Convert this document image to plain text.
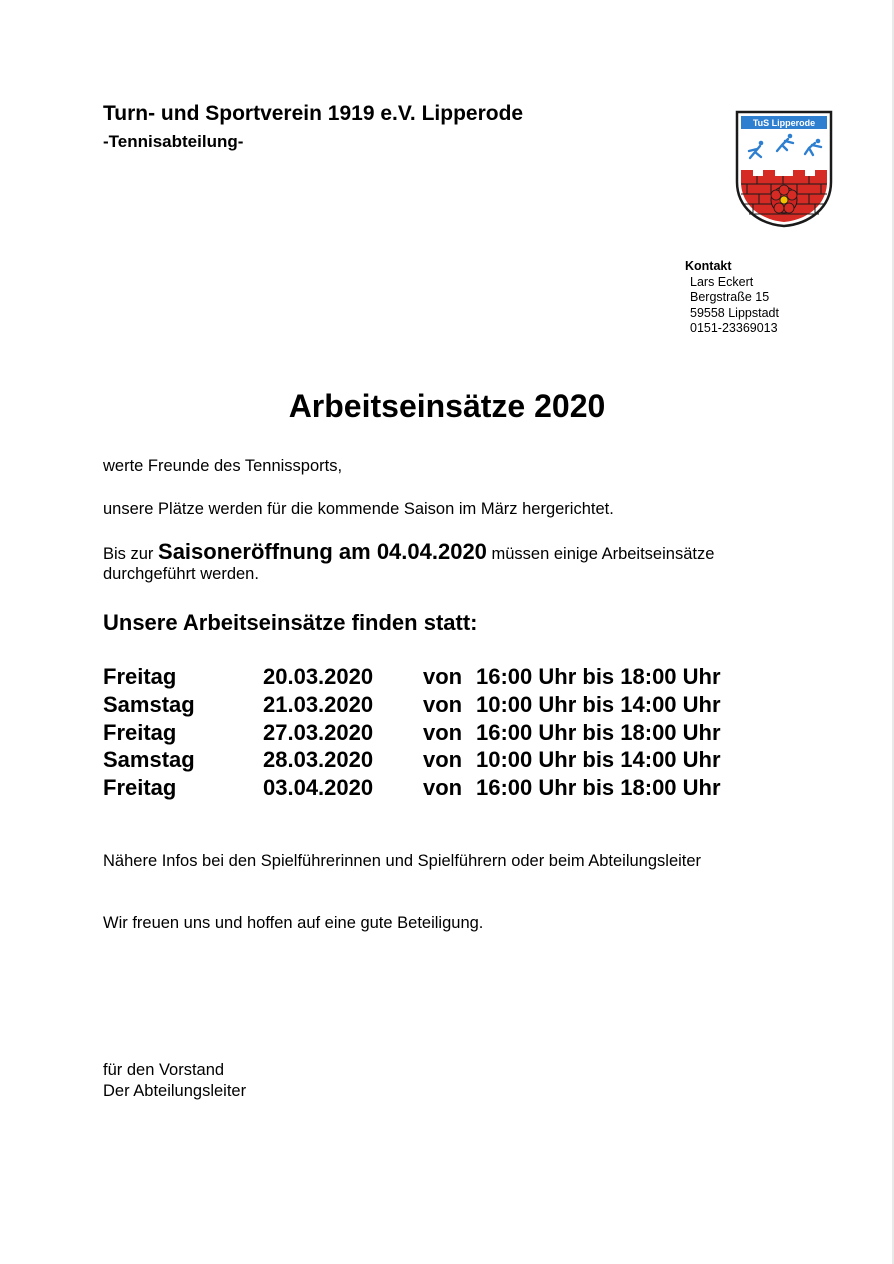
Turn- und Sportverein 1919 e.V. Lipperode
-Tennisabteilung-
TuS Lipperode
Kontakt
Lars Eckert
Bergstraße 15
59558 Lippstadt
0151-23369013
Arbeitseinsätze 2020
werte Freunde des Tennissports,
unsere Plätze werden für die kommende Saison im März hergerichtet.
Bis zur Saisoneröffnung am 04.04.2020 müssen einige Arbeitseinsätze
durchgeführt werden.
Unsere Arbeitseinsätze finden statt:
Freitag	20.03.2020 von 16:00 Uhr bis 18:00 Uhr
Samstag	21.03.2020 von 10:00 Uhr bis 14:00 Uhr
Freitag	27.03.2020 von 16:00 Uhr bis 18:00 Uhr
Samstag	28.03.2020 von 10:00 Uhr bis 14:00 Uhr
Freitag	03.04.2020 von 16:00 Uhr bis 18:00 Uhr
Nähere Infos bei den Spielführerinnen und Spielführern oder beim Abteilungsleiter
Wir freuen uns und hoffen auf eine gute Beteiligung.
für den Vorstand
Der Abteilungsleiter
